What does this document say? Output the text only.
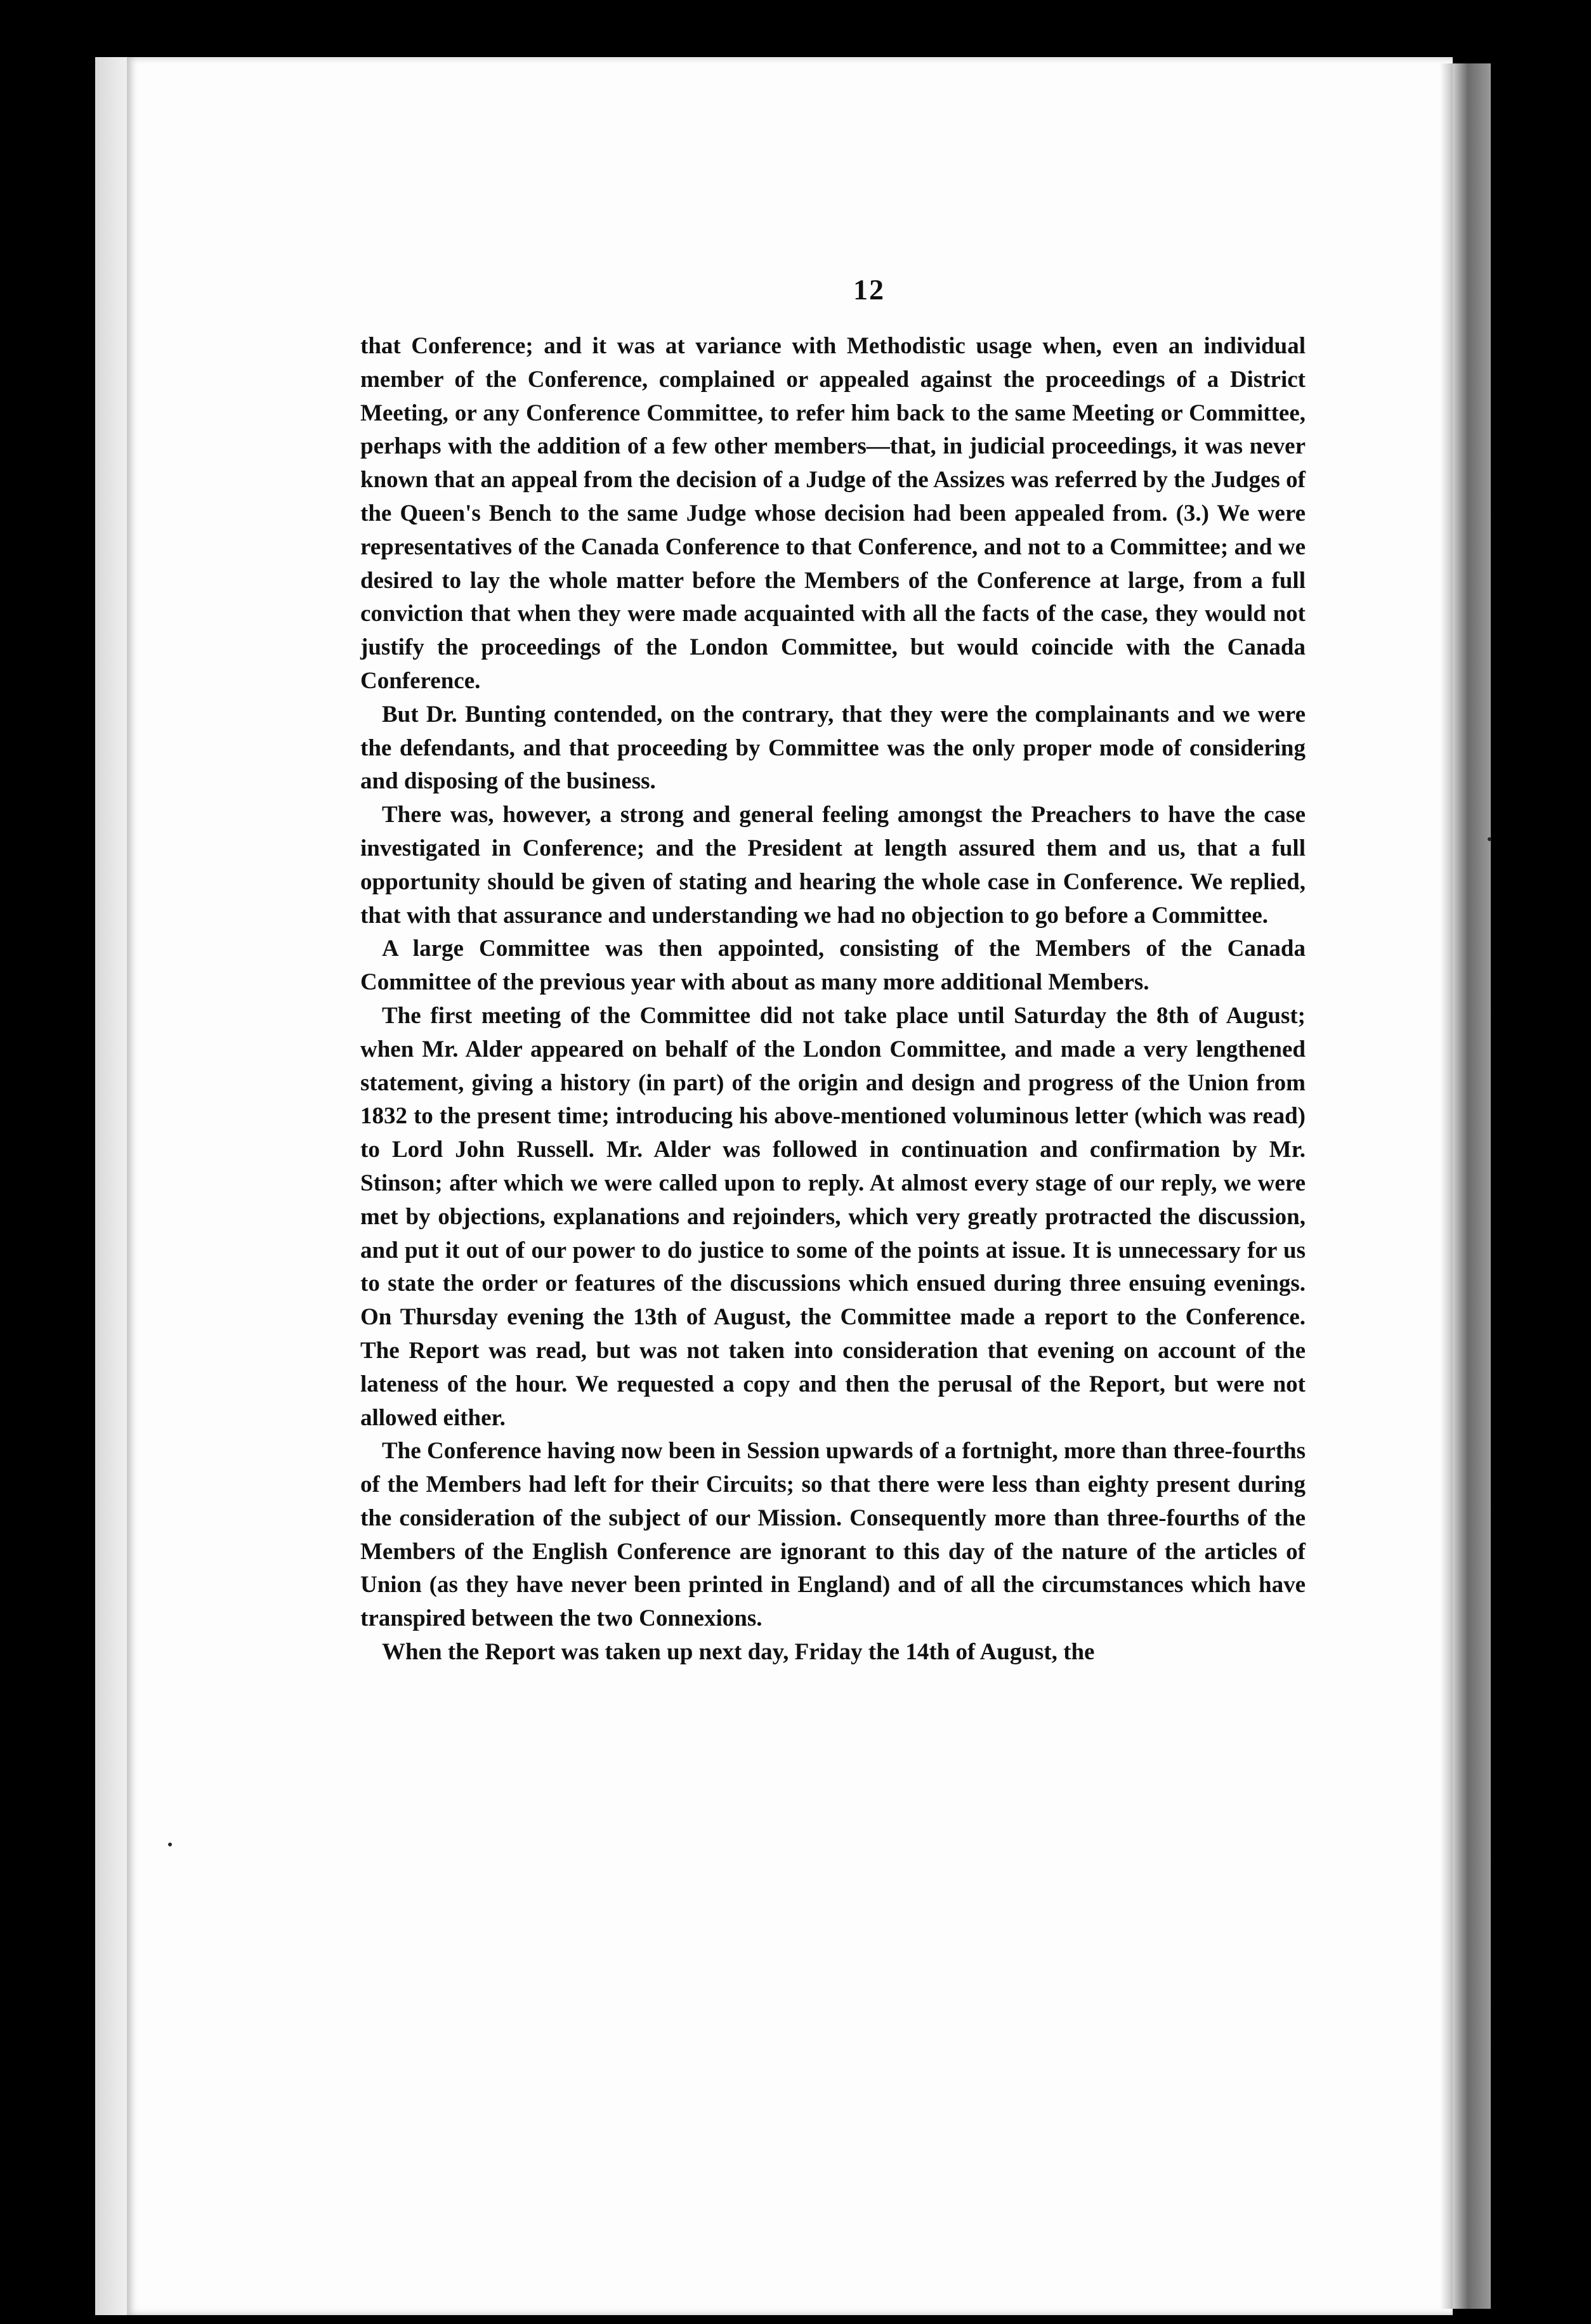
12

that Conference; and it was at variance with Methodistic usage when, even an individual member of the Conference, complained or appealed against the proceedings of a District Meeting, or any Conference Committee, to refer him back to the same Meeting or Committee, perhaps with the addition of a few other members—that, in judicial proceedings, it was never known that an appeal from the decision of a Judge of the Assizes was referred by the Judges of the Queen's Bench to the same Judge whose decision had been appealed from. (3.) We were representatives of the Canada Conference to that Conference, and not to a Committee; and we desired to lay the whole matter before the Members of the Conference at large, from a full conviction that when they were made acquainted with all the facts of the case, they would not justify the proceedings of the London Committee, but would coincide with the Canada Conference.

But Dr. Bunting contended, on the contrary, that they were the complainants and we were the defendants, and that proceeding by Committee was the only proper mode of considering and disposing of the business.

There was, however, a strong and general feeling amongst the Preachers to have the case investigated in Conference; and the President at length assured them and us, that a full opportunity should be given of stating and hearing the whole case in Conference. We replied, that with that assurance and understanding we had no objection to go before a Committee.

A large Committee was then appointed, consisting of the Members of the Canada Committee of the previous year with about as many more additional Members.

The first meeting of the Committee did not take place until Saturday the 8th of August; when Mr. Alder appeared on behalf of the London Committee, and made a very lengthened statement, giving a history (in part) of the origin and design and progress of the Union from 1832 to the present time; introducing his above-mentioned voluminous letter (which was read) to Lord John Russell. Mr. Alder was followed in continuation and confirmation by Mr. Stinson; after which we were called upon to reply. At almost every stage of our reply, we were met by objections, explanations and rejoinders, which very greatly protracted the discussion, and put it out of our power to do justice to some of the points at issue. It is unnecessary for us to state the order or features of the discussions which ensued during three ensuing evenings. On Thursday evening the 13th of August, the Committee made a report to the Conference. The Report was read, but was not taken into consideration that evening on account of the lateness of the hour. We requested a copy and then the perusal of the Report, but were not allowed either.

The Conference having now been in Session upwards of a fortnight, more than three-fourths of the Members had left for their Circuits; so that there were less than eighty present during the consideration of the subject of our Mission. Consequently more than three-fourths of the Members of the English Conference are ignorant to this day of the nature of the articles of Union (as they have never been printed in England) and of all the circumstances which have transpired between the two Connexions.

When the Report was taken up next day, Friday the 14th of August, the
